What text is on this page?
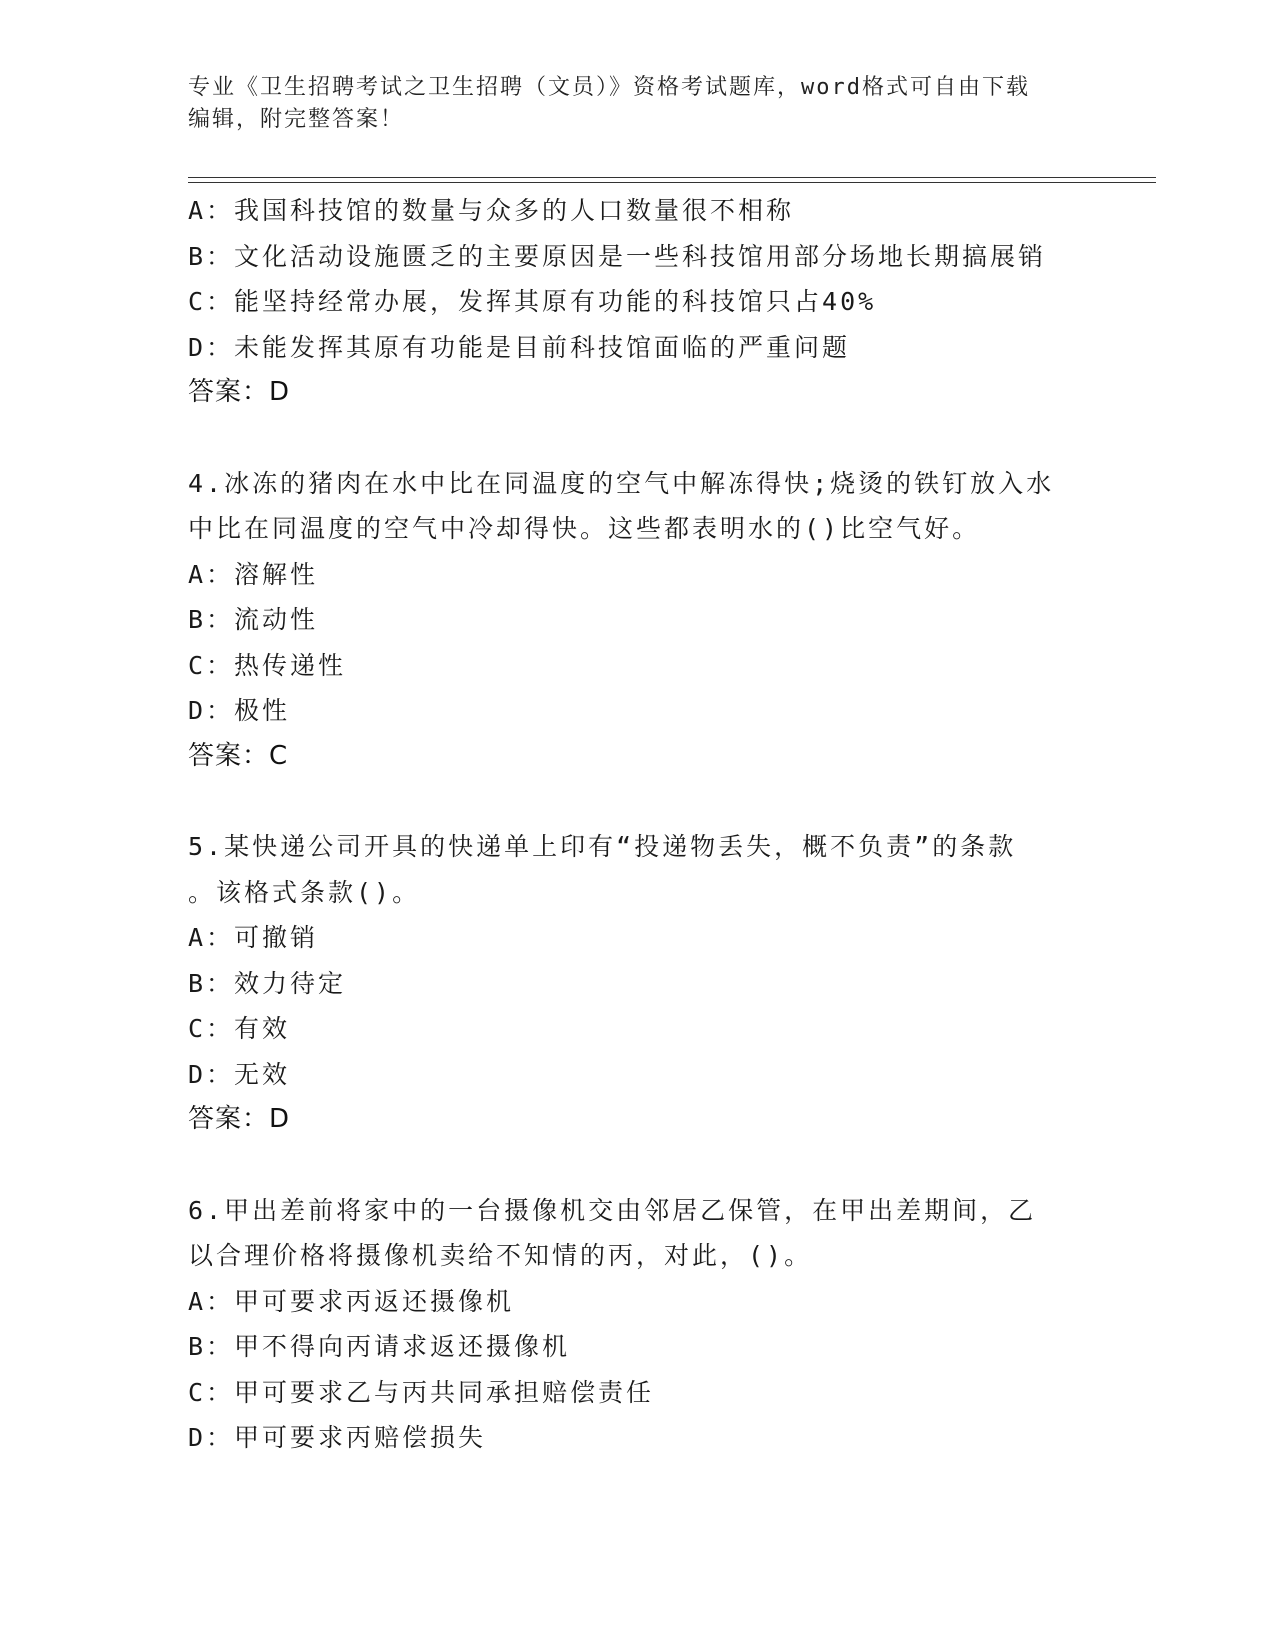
专业《卫生招聘考试之卫生招聘（文员）》资格考试题库，word格式可自由下载
编辑，附完整答案！
A：我国科技馆的数量与众多的人口数量很不相称
B：文化活动设施匮乏的主要原因是一些科技馆用部分场地长期搞展销
C：能坚持经常办展，发挥其原有功能的科技馆只占40%
D：未能发挥其原有功能是目前科技馆面临的严重问题
答案：D
4.冰冻的猪肉在水中比在同温度的空气中解冻得快;烧烫的铁钉放入水
中比在同温度的空气中冷却得快。这些都表明水的()比空气好。
A：溶解性
B：流动性
C：热传递性
D：极性
答案：C
5.某快递公司开具的快递单上印有“投递物丢失，概不负责”的条款
。该格式条款()。
A：可撤销
B：效力待定
C：有效
D：无效
答案：D
6.甲出差前将家中的一台摄像机交由邻居乙保管，在甲出差期间，乙
以合理价格将摄像机卖给不知情的丙，对此，()。
A：甲可要求丙返还摄像机
B：甲不得向丙请求返还摄像机
C：甲可要求乙与丙共同承担赔偿责任
D：甲可要求丙赔偿损失
